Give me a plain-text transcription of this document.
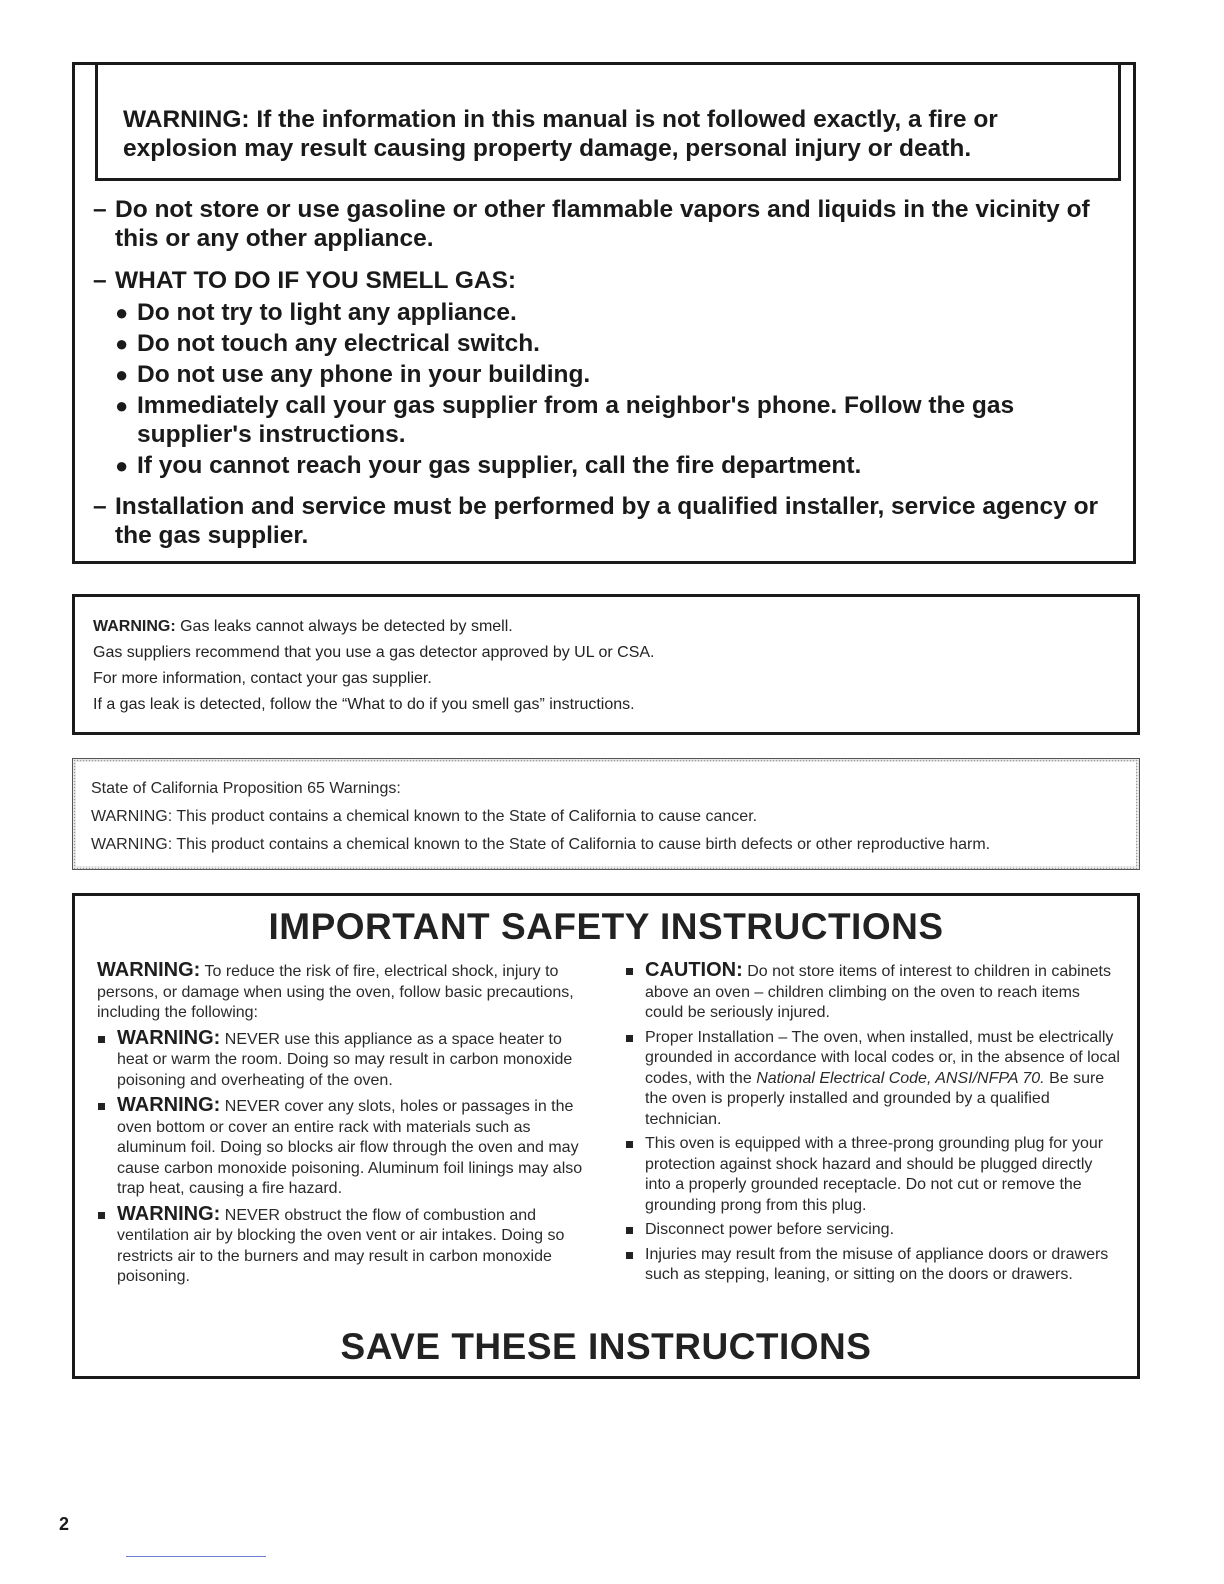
WARNING: If the information in this manual is not followed exactly, a fire or explosion may result causing property damage, personal injury or death.
– Do not store or use gasoline or other flammable vapors and liquids in the vicinity of this or any other appliance.
– WHAT TO DO IF YOU SMELL GAS:
● Do not try to light any appliance.
● Do not touch any electrical switch.
● Do not use any phone in your building.
● Immediately call your gas supplier from a neighbor's phone. Follow the gas supplier's instructions.
● If you cannot reach your gas supplier, call the fire department.
– Installation and service must be performed by a qualified installer, service agency or the gas supplier.
WARNING: Gas leaks cannot always be detected by smell.
Gas suppliers recommend that you use a gas detector approved by UL or CSA.
For more information, contact your gas supplier.
If a gas leak is detected, follow the “What to do if you smell gas” instructions.
State of California Proposition 65 Warnings:
WARNING: This product contains a chemical known to the State of California to cause cancer.
WARNING: This product contains a chemical known to the State of California to cause birth defects or other reproductive harm.
IMPORTANT SAFETY INSTRUCTIONS
WARNING: To reduce the risk of fire, electrical shock, injury to persons, or damage when using the oven, follow basic precautions, including the following:
WARNING: NEVER use this appliance as a space heater to heat or warm the room. Doing so may result in carbon monoxide poisoning and overheating of the oven.
WARNING: NEVER cover any slots, holes or passages in the oven bottom or cover an entire rack with materials such as aluminum foil. Doing so blocks air flow through the oven and may cause carbon monoxide poisoning. Aluminum foil linings may also trap heat, causing a fire hazard.
WARNING: NEVER obstruct the flow of combustion and ventilation air by blocking the oven vent or air intakes. Doing so restricts air to the burners and may result in carbon monoxide poisoning.
CAUTION: Do not store items of interest to children in cabinets above an oven – children climbing on the oven to reach items could be seriously injured.
Proper Installation – The oven, when installed, must be electrically grounded in accordance with local codes or, in the absence of local codes, with the National Electrical Code, ANSI/NFPA 70. Be sure the oven is properly installed and grounded by a qualified technician.
This oven is equipped with a three-prong grounding plug for your protection against shock hazard and should be plugged directly into a properly grounded receptacle. Do not cut or remove the grounding prong from this plug.
Disconnect power before servicing.
Injuries may result from the misuse of appliance doors or drawers such as stepping, leaning, or sitting on the doors or drawers.
SAVE THESE INSTRUCTIONS
2
